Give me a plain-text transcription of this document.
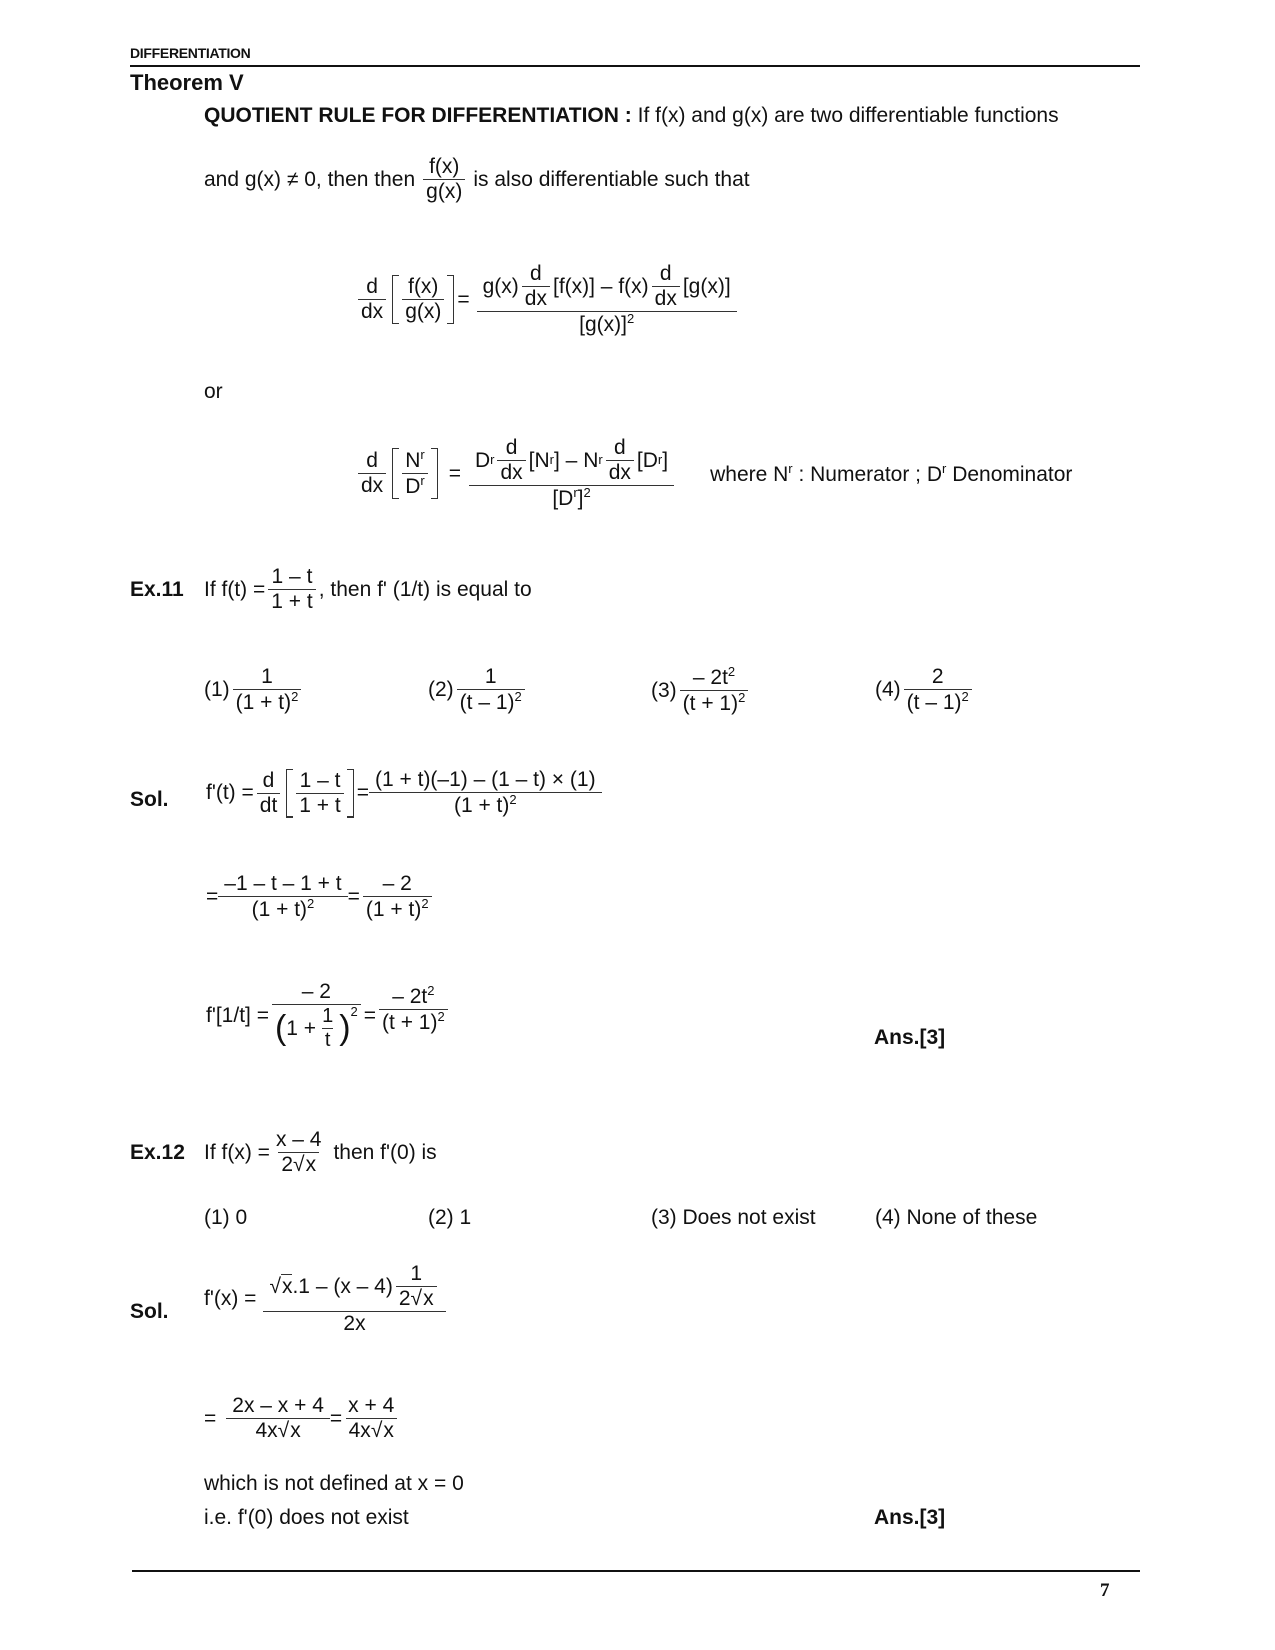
DIFFERENTIATION
Theorem V
QUOTIENT RULE FOR DIFFERENTIATION : If f(x) and g(x) are two differentiable functions
and g(x) ≠ 0, then then $\frac{f(x)}{g(x)}$ is also differentiable such that
$\frac{d}{dx} \frac{f(x)}{g(x)} = \frac{g(x) \frac{d}{dx} [f(x)] - f(x) \frac{d}{dx} [g(x)]}{[g(x)]^2}$
or
$\frac{d}{dx} \frac{N^r}{D^r} = \frac{D r \frac{d}{dx} [N r ] - N r \frac{d}{dx} [D r ]}{[D^r]^2}$ where $N^r$ : Numerator ; $D^r$ Denominator
Ex.11 If $f(t) = \frac{1 - t}{1 + t}$ , then f' (1/t) is equal to
$(1) \frac{1}{(1 + t)^2}$	$(2) \frac{1}{(t - 1)^2}$	$(3) \frac{- 2t^2}{(t + 1)^2}$	$(4) \frac{2}{(t - 1)^2}$
Sol. $f'(t) = \frac{d}{dt} \frac{1 - t}{1 + t} = \frac{(1 + t)(-1) - (1 - t) \times (1)}{(1 + t)^2}$
= $\frac{-1 - t - 1 + t}{(1 + t)^2} = \frac{- 2}{(1 + t)^2}$
$f'[1/t] = \frac{- 2}{( 1 + \frac{1}{t} )^2} = \frac{- 2t^2}{(t + 1)^2}$
Ans.[3]
Ex.12 If $f(x) = \frac{x - 4}{2√x}$ then f'(0) is
(1) 0	(2) 1	(3) Does not exist	(4) None of these
Sol.
$f'(x) = \frac{√ x .1 - (x - 4) \frac{1}{2√x}}{2x}$
= $\frac{2x - x + 4}{4x√x} = \frac{x + 4}{4x√x}$
which is not defined at x = 0
i.e. f'(0) does not exist	Ans.[3]
7
